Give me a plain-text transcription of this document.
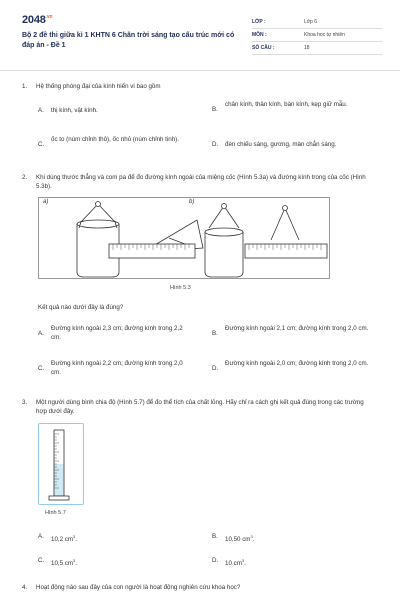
$2048^{.vn}$
Bộ 2 đề thi giữa kì 1 KHTN 6 Chân trời sáng tạo cấu trúc mới có đáp án - Đề 1
LỚP :	Lớp 6
MÔN :	Khoa học tự nhiên
SỐ CÂU :	18
1. Hệ thống phóng đại của kính hiển vi bao gồm
A. thị kính, vật kính.	B.
chân kính, thân kính, bàn kính, kẹp giữ mẫu.
C.
ốc to (núm chỉnh thô), ốc nhỏ (núm chỉnh tinh).
D. đèn chiếu sáng, gương, màn chắn sáng.
2. Khi dùng thước thẳng và com pa để đo đường kính ngoài của miệng cốc (Hình 5.3a) và đường kính trong của cốc (Hình 5.3b).
a)	b)
Hình 5.3
Kết quả nào dưới đây là đúng?
A.
Đường kính ngoài 2,3 cm; đường kính trong 2,2 cm.
B.
Đường kính ngoài 2,1 cm; đường kính trong 2,0 cm.
C.
Đường kính ngoài 2,2 cm; đường kính trong 2,0 cm.
D.
Đường kính ngoài 2,0 cm; đường kính trong 2,0 cm.
3. Một người dùng bình chia độ (Hình 5.7) để đo thể tích của chất lỏng. Hãy chỉ ra cách ghi kết quả đúng trong các trường hợp dưới đây.
Hình 5.7
A. 10,2 $cm^3$.	B. 10,50 $cm^3$.
C. 10,5 $cm^3$.	D. 10 $cm^3$.
4. Hoạt động nào sau đây của con người là hoạt động nghiên cứu khoa học?
